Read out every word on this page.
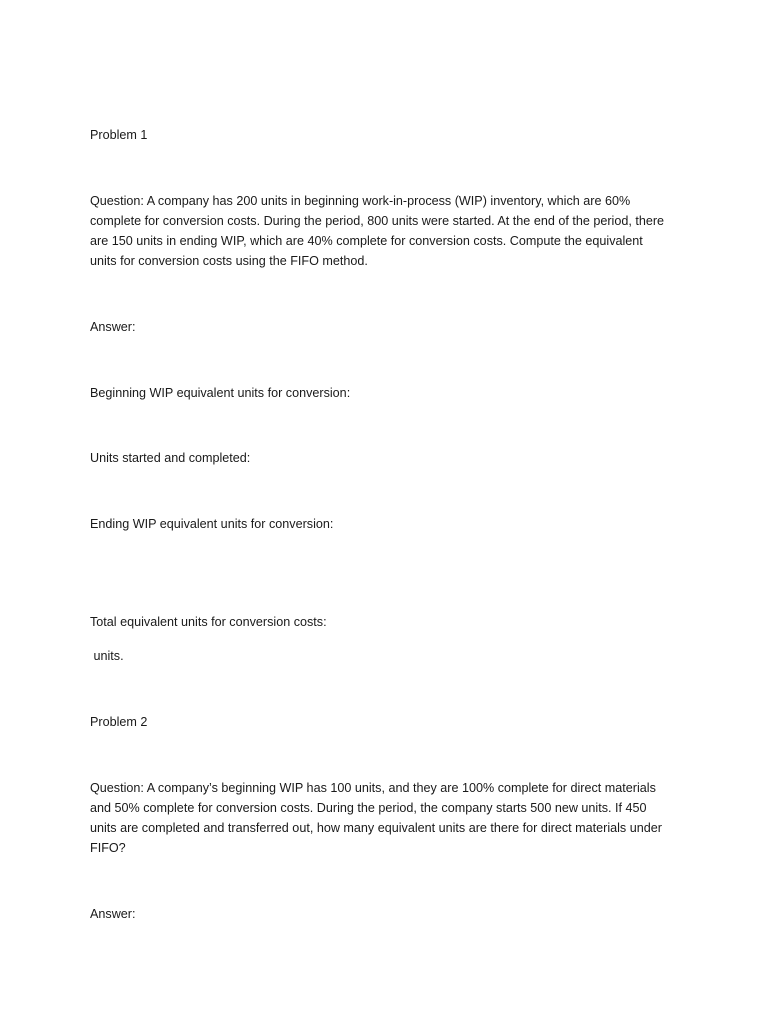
Problem 1
Question: A company has 200 units in beginning work-in-process (WIP) inventory, which are 60%
complete for conversion costs. During the period, 800 units were started. At the end of the period, there
are 150 units in ending WIP, which are 40% complete for conversion costs. Compute the equivalent
units for conversion costs using the FIFO method.
Answer:
Beginning WIP equivalent units for conversion:
Units started and completed:
Ending WIP equivalent units for conversion:
Total equivalent units for conversion costs:
units.
Problem 2
Question: A company’s beginning WIP has 100 units, and they are 100% complete for direct materials
and 50% complete for conversion costs. During the period, the company starts 500 new units. If 450
units are completed and transferred out, how many equivalent units are there for direct materials under
FIFO?
Answer:
